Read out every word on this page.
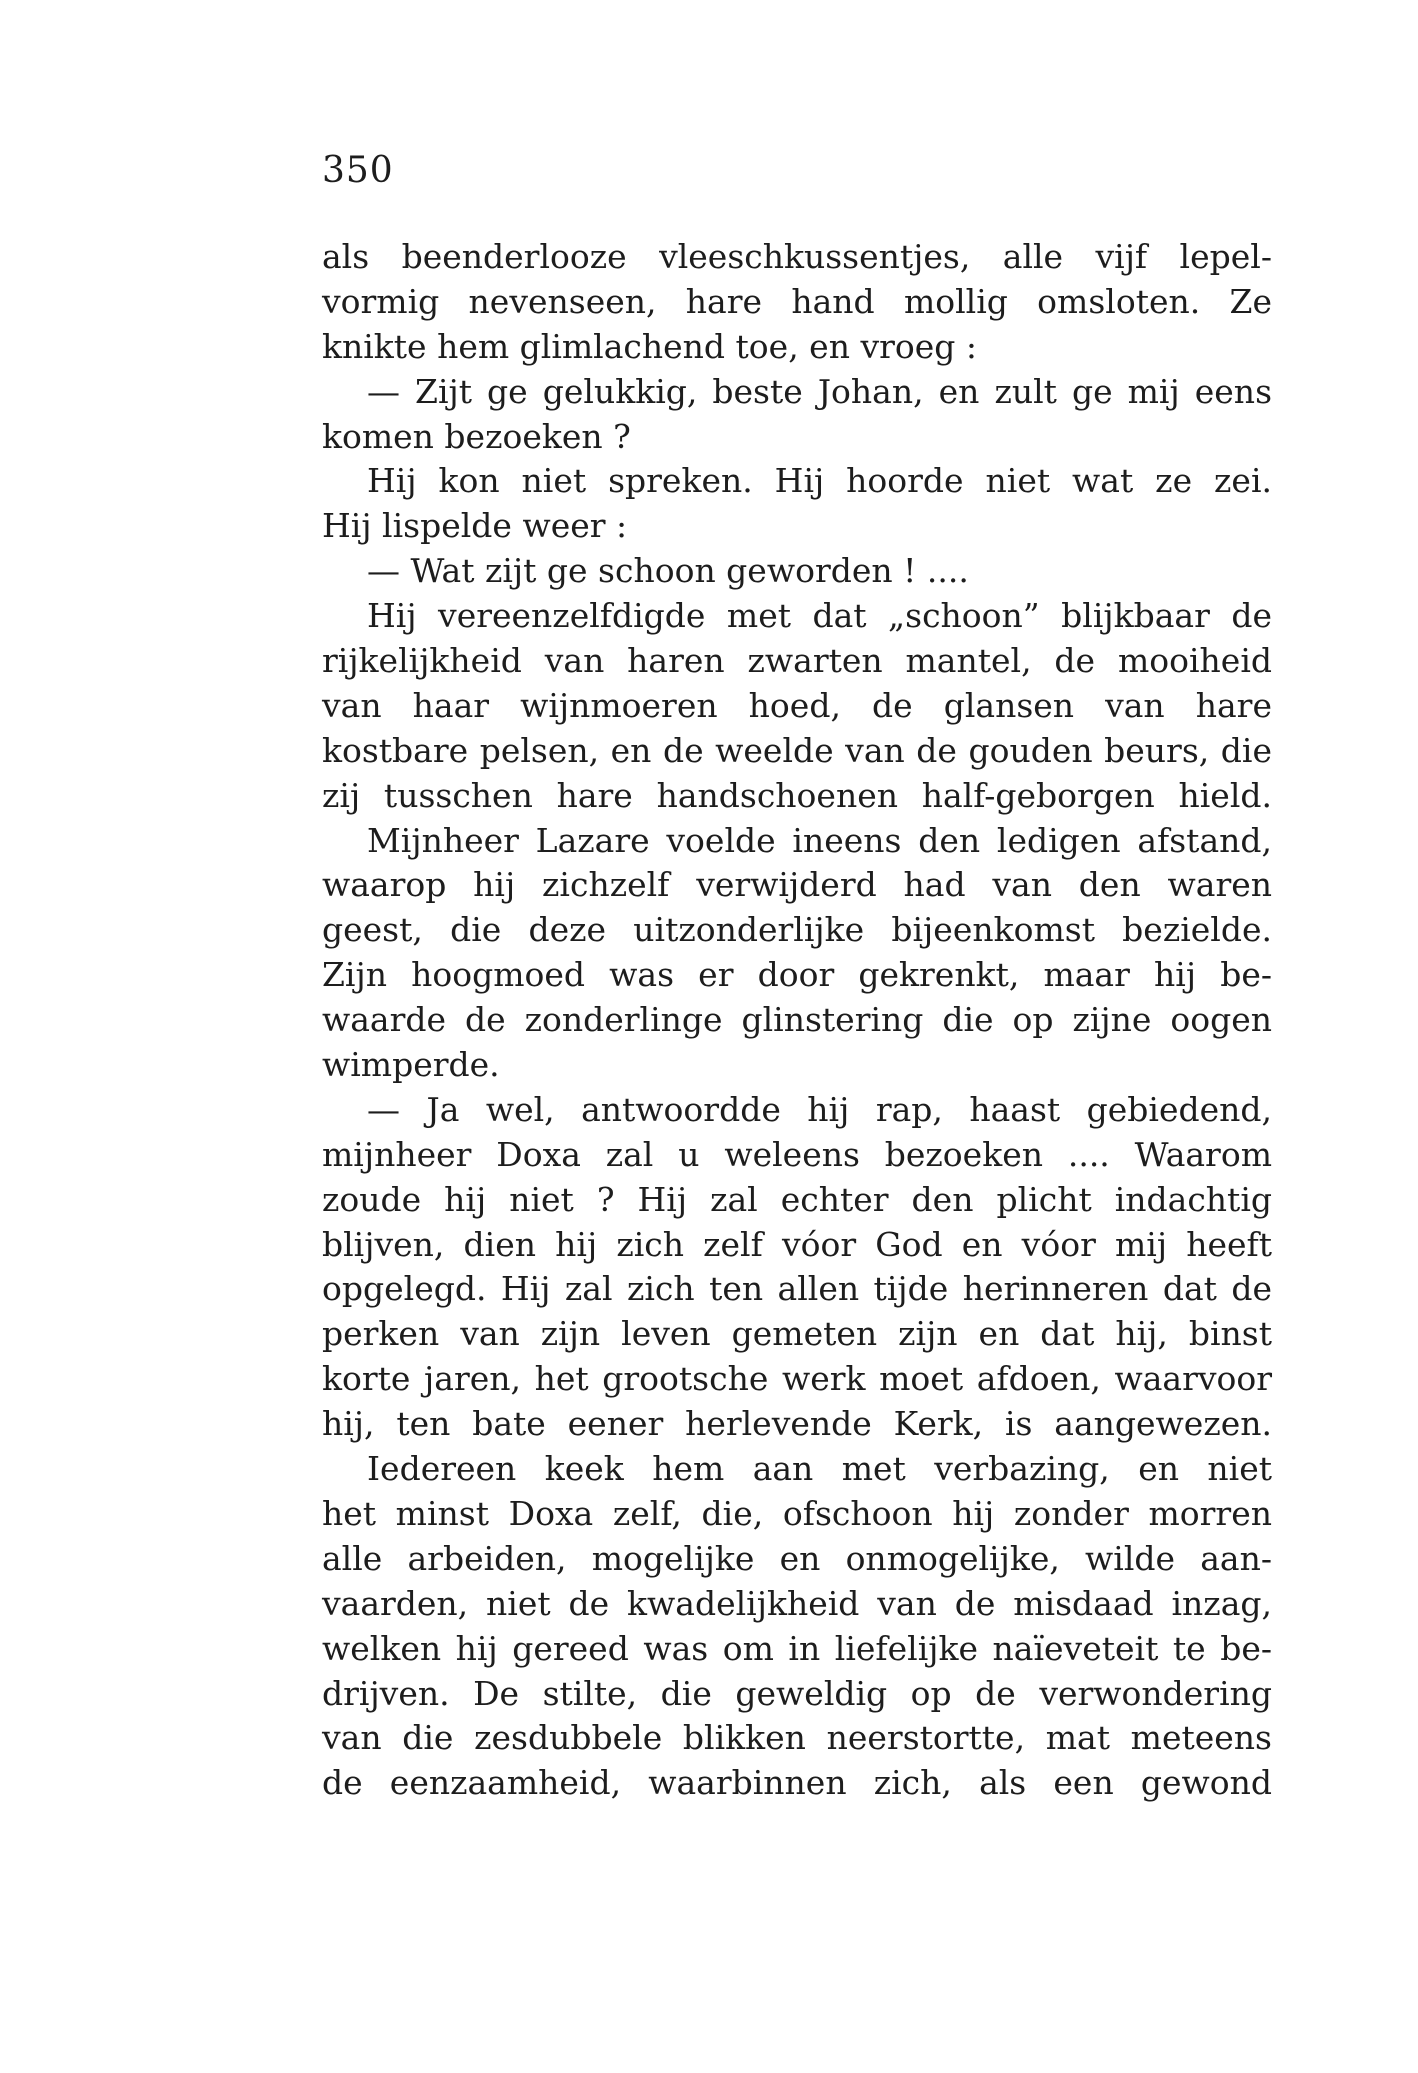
350
als beenderlooze vleeschkussentjes, alle vijf lepel-
vormig nevenseen, hare hand mollig omsloten. Ze
knikte hem glimlachend toe, en vroeg :
— Zijt ge gelukkig, beste Johan, en zult ge mij eens
komen bezoeken ?
Hij kon niet spreken. Hij hoorde niet wat ze zei.
Hij lispelde weer :
— Wat zijt ge schoon geworden ! ....
Hij vereenzelfdigde met dat „schoon” blijkbaar de
rijkelijkheid van haren zwarten mantel, de mooiheid
van haar wijnmoeren hoed, de glansen van hare
kostbare pelsen, en de weelde van de gouden beurs, die
zij tusschen hare handschoenen half-geborgen hield.
Mijnheer Lazare voelde ineens den ledigen afstand,
waarop hij zichzelf verwijderd had van den waren
geest, die deze uitzonderlijke bijeenkomst bezielde.
Zijn hoogmoed was er door gekrenkt, maar hij be-
waarde de zonderlinge glinstering die op zijne oogen
wimperde.
— Ja wel, antwoordde hij rap, haast gebiedend,
mijnheer Doxa zal u weleens bezoeken .... Waarom
zoude hij niet ? Hij zal echter den plicht indachtig
blijven, dien hij zich zelf vóor God en vóor mij heeft
opgelegd. Hij zal zich ten allen tijde herinneren dat de
perken van zijn leven gemeten zijn en dat hij, binst
korte jaren, het grootsche werk moet afdoen, waarvoor
hij, ten bate eener herlevende Kerk, is aangewezen.
Iedereen keek hem aan met verbazing, en niet
het minst Doxa zelf, die, ofschoon hij zonder morren
alle arbeiden, mogelijke en onmogelijke, wilde aan-
vaarden, niet de kwadelijkheid van de misdaad inzag,
welken hij gereed was om in liefelijke naïeveteit te be-
drijven. De stilte, die geweldig op de verwondering
van die zesdubbele blikken neerstortte, mat meteens
de eenzaamheid, waarbinnen zich, als een gewond
